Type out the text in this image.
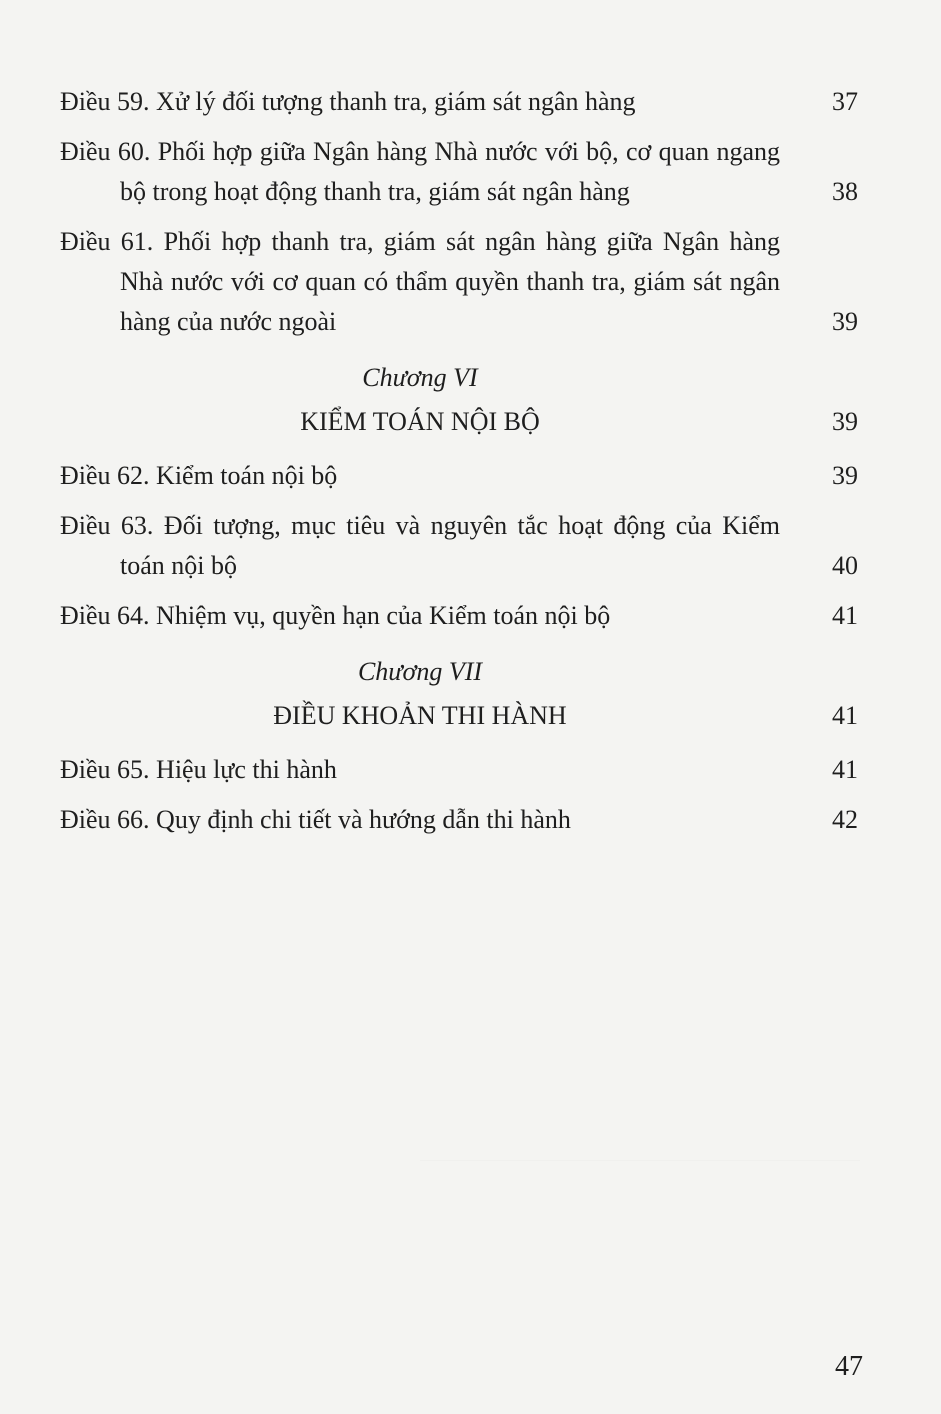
Điều 59. Xử lý đối tượng thanh tra, giám sát ngân hàng	37
Điều 60. Phối hợp giữa Ngân hàng Nhà nước với bộ, cơ quan ngang bộ trong hoạt động thanh tra, giám sát ngân hàng	38
Điều 61. Phối hợp thanh tra, giám sát ngân hàng giữa Ngân hàng Nhà nước với cơ quan có thẩm quyền thanh tra, giám sát ngân hàng của nước ngoài	39
Chương VI
KIỂM TOÁN NỘI BỘ	39
Điều 62. Kiểm toán nội bộ	39
Điều 63. Đối tượng, mục tiêu và nguyên tắc hoạt động của Kiểm toán nội bộ	40
Điều 64. Nhiệm vụ, quyền hạn của Kiểm toán nội bộ	41
Chương VII
ĐIỀU KHOẢN THI HÀNH	41
Điều 65. Hiệu lực thi hành	41
Điều 66. Quy định chi tiết và hướng dẫn thi hành	42
47
